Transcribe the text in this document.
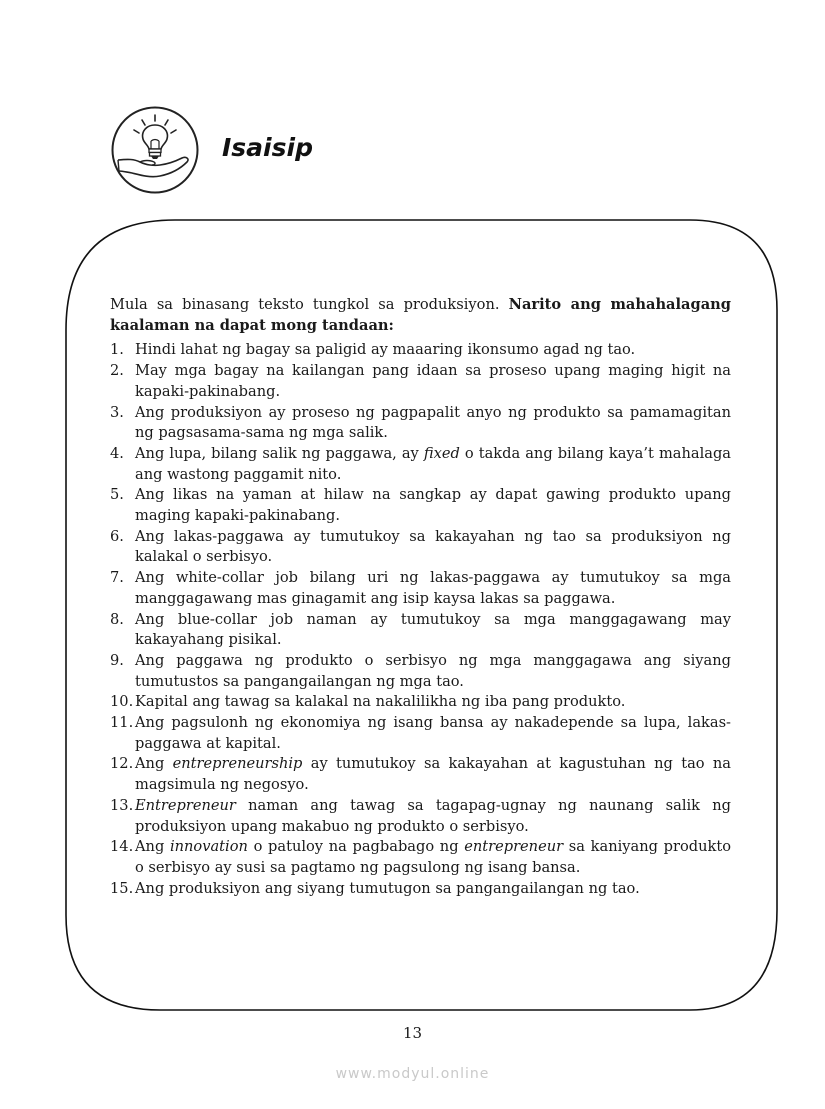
Isaisip

Mula sa binasang teksto tungkol sa produksiyon. Narito ang mahahalagang kaalaman na dapat mong tandaan:

1. Hindi lahat ng bagay sa paligid ay maaaring ikonsumo agad ng tao.
2. May mga bagay na kailangan pang idaan sa proseso upang maging higit na kapaki-pakinabang.
3. Ang produksiyon ay proseso ng pagpapalit anyo ng produkto sa pamamagitan ng pagsasama-sama ng mga salik.
4. Ang lupa, bilang salik ng paggawa, ay fixed o takda ang bilang kaya’t mahalaga ang wastong paggamit nito.
5. Ang likas na yaman at hilaw na sangkap ay dapat gawing produkto upang maging kapaki-pakinabang.
6. Ang lakas-paggawa ay tumutukoy sa kakayahan ng tao sa produksiyon ng kalakal o serbisyo.
7. Ang white-collar job bilang uri ng lakas-paggawa ay tumutukoy sa mga manggagawang mas ginagamit ang isip kaysa lakas sa paggawa.
8. Ang blue-collar job naman ay tumutukoy sa mga manggagawang may kakayahang pisikal.
9. Ang paggawa ng produkto o serbisyo ng mga manggagawa ang siyang tumutustos sa pangangailangan ng mga tao.
10. Kapital ang tawag sa kalakal na nakalilikha ng iba pang produkto.
11. Ang pagsulonh ng ekonomiya ng isang bansa ay nakadepende sa lupa, lakas-paggawa at kapital.
12. Ang entrepreneurship ay tumutukoy sa kakayahan at kagustuhan ng tao na magsimula ng negosyo.
13. Entrepreneur naman ang tawag sa tagapag-ugnay ng naunang salik ng produksiyon upang makabuo ng produkto o serbisyo.
14. Ang innovation o patuloy na pagbabago ng entrepreneur sa kaniyang produkto o serbisyo ay susi sa pagtamo ng pagsulong ng isang bansa.
15. Ang produksiyon ang siyang tumutugon sa pangangailangan ng tao.
13
www.modyul.online
